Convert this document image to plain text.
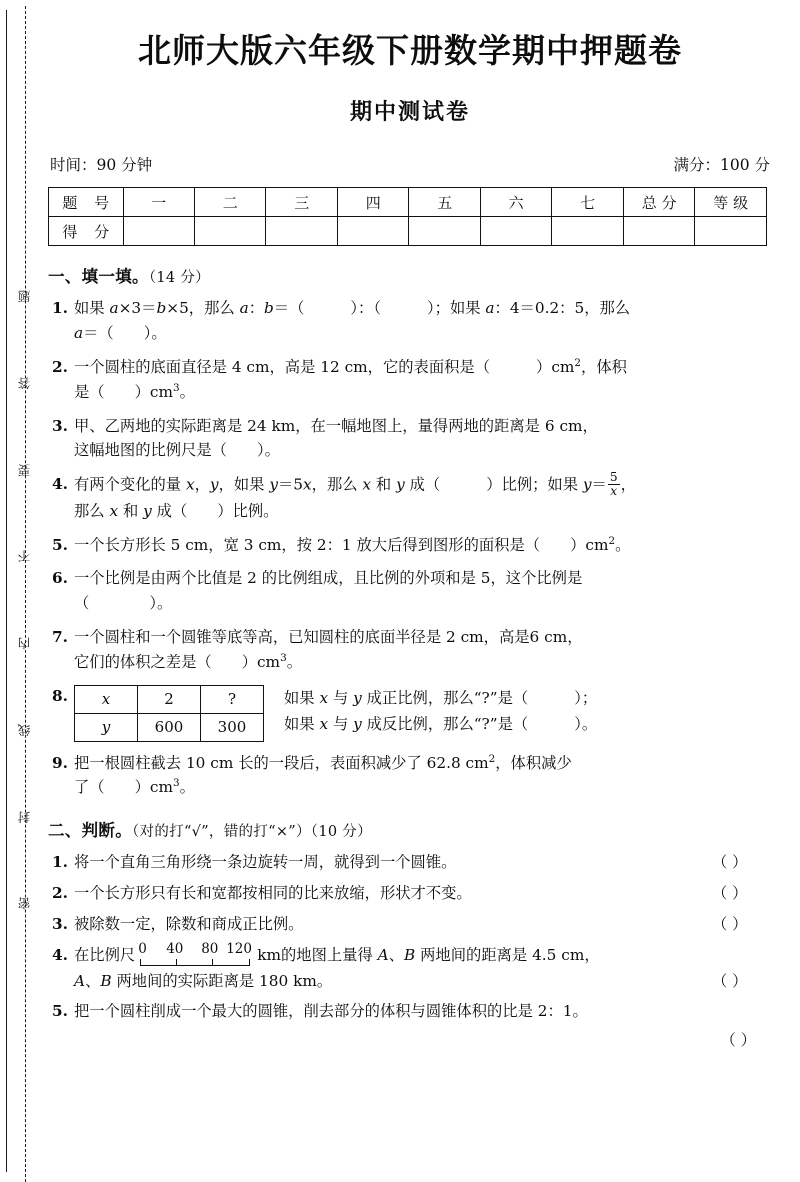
题
答
要
不
内
线
封
密
北师大版六年级下册数学期中押题卷
期中测试卷
时间：90 分钟	满分：100 分
题 号	一	二	三	四	五	六	七	总 分	等 级
得 分									
一、填一填。（14 分）
1. 如果 a×3＝b×5，那么 a：b＝（	）：（	）；如果 a：4＝0.2：5，那么
a＝（ ）。
2. 一个圆柱的底面直径是 4 cm，高是 12 cm，它的表面积是（	）$cm^2$，体积
是（ ）$cm^3$。
3. 甲、乙两地的实际距离是 24 km，在一幅地图上，量得两地的距离是 6 cm，
这幅地图的比例尺是（ ）。
4. 有两个变化的量 x，y，如果 y＝5x，那么 x 和 y 成（	）比例；如果 $y= \frac{5}{x}$ ，
那么 x 和 y 成（ ）比例。
5. 一个长方形长 5 cm，宽 3 cm，按 2：1 放大后得到图形的面积是（ ）$cm^2$。
6. 一个比例是由两个比值是 2 的比例组成，且比例的外项和是 5，这个比例是
（	）。
7. 一个圆柱和一个圆锥等底等高，已知圆柱的底面半径是 2 cm，高是6 cm，
它们的体积之差是（ ）$cm^3$。
8.	x	2	?
y	600	300
如果 x 与 y 成正比例，那么“?”是（	）；
如果 x 与 y 成反比例，那么“?”是（	）。
9. 把一根圆柱截去 10 cm 长的一段后，表面积减少了 62.8 $cm^2$，体积减少
了（ ）$cm^3$。
二、判断。（对的打“√”，错的打“×”）（10 分）
1. 将一个直角三角形绕一条边旋转一周，就得到一个圆锥。	（ ）
2. 一个长方形只有长和宽都按相同的比来放缩，形状才不变。	（ ）
3. 被除数一定，除数和商成正比例。	（ ）
4. 在比例尺 0 40 80 120 km的地图上量得 A、B 两地间的距离是 4.5 cm，
A、B 两地间的实际距离是 180 km。	（ ）
5. 把一个圆柱削成一个最大的圆锥，削去部分的体积与圆锥体积的比是 2：1。
（ ）
